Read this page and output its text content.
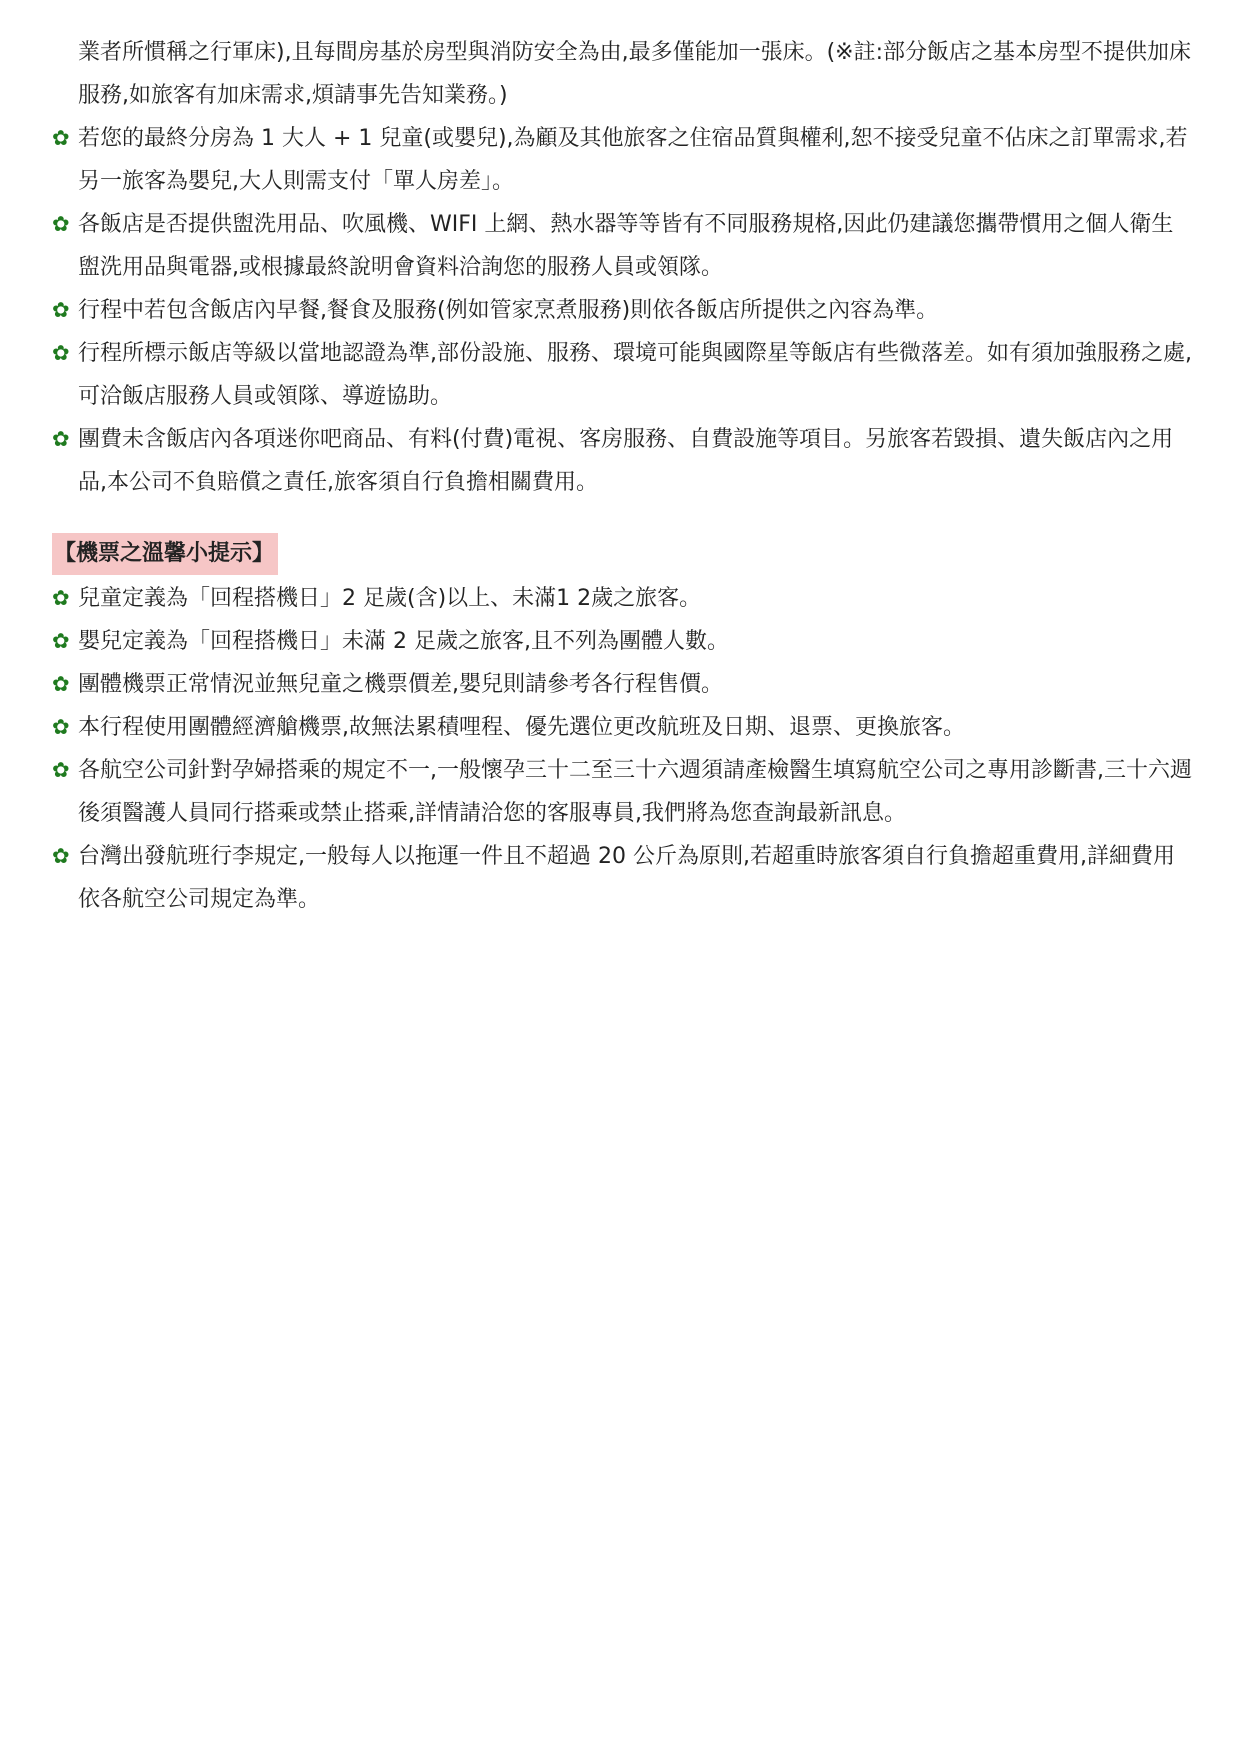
業者所慣稱之行軍床),且每間房基於房型與消防安全為由,最多僅能加一張床。(※註:部分飯店之基本房型不提供加床服務,如旅客有加床需求,煩請事先告知業務。)
✿ 若您的最終分房為 1 大人 + 1 兒童(或嬰兒),為顧及其他旅客之住宿品質與權利,恕不接受兒童不佔床之訂單需求,若另一旅客為嬰兒,大人則需支付「單人房差」。
✿ 各飯店是否提供盥洗用品、吹風機、WIFI 上網、熱水器等等皆有不同服務規格,因此仍建議您攜帶慣用之個人衛生盥洗用品與電器,或根據最終說明會資料洽詢您的服務人員或領隊。
✿ 行程中若包含飯店內早餐,餐食及服務(例如管家烹煮服務)則依各飯店所提供之內容為準。
✿ 行程所標示飯店等級以當地認證為準,部份設施、服務、環境可能與國際星等飯店有些微落差。如有須加強服務之處,可洽飯店服務人員或領隊、導遊協助。
✿ 團費未含飯店內各項迷你吧商品、有料(付費)電視、客房服務、自費設施等項目。另旅客若毀損、遺失飯店內之用品,本公司不負賠償之責任,旅客須自行負擔相關費用。
【機票之溫馨小提示】
✿ 兒童定義為「回程搭機日」2 足歲(含)以上、未滿1 2歲之旅客。
✿ 嬰兒定義為「回程搭機日」未滿 2 足歲之旅客,且不列為團體人數。
✿ 團體機票正常情況並無兒童之機票價差,嬰兒則請參考各行程售價。
✿ 本行程使用團體經濟艙機票,故無法累積哩程、優先選位更改航班及日期、退票、更換旅客。
✿ 各航空公司針對孕婦搭乘的規定不一,一般懷孕三十二至三十六週須請產檢醫生填寫航空公司之專用診斷書,三十六週後須醫護人員同行搭乘或禁止搭乘,詳情請洽您的客服專員,我們將為您查詢最新訊息。
✿ 台灣出發航班行李規定,一般每人以拖運一件且不超過 20 公斤為原則,若超重時旅客須自行負擔超重費用,詳細費用依各航空公司規定為準。
